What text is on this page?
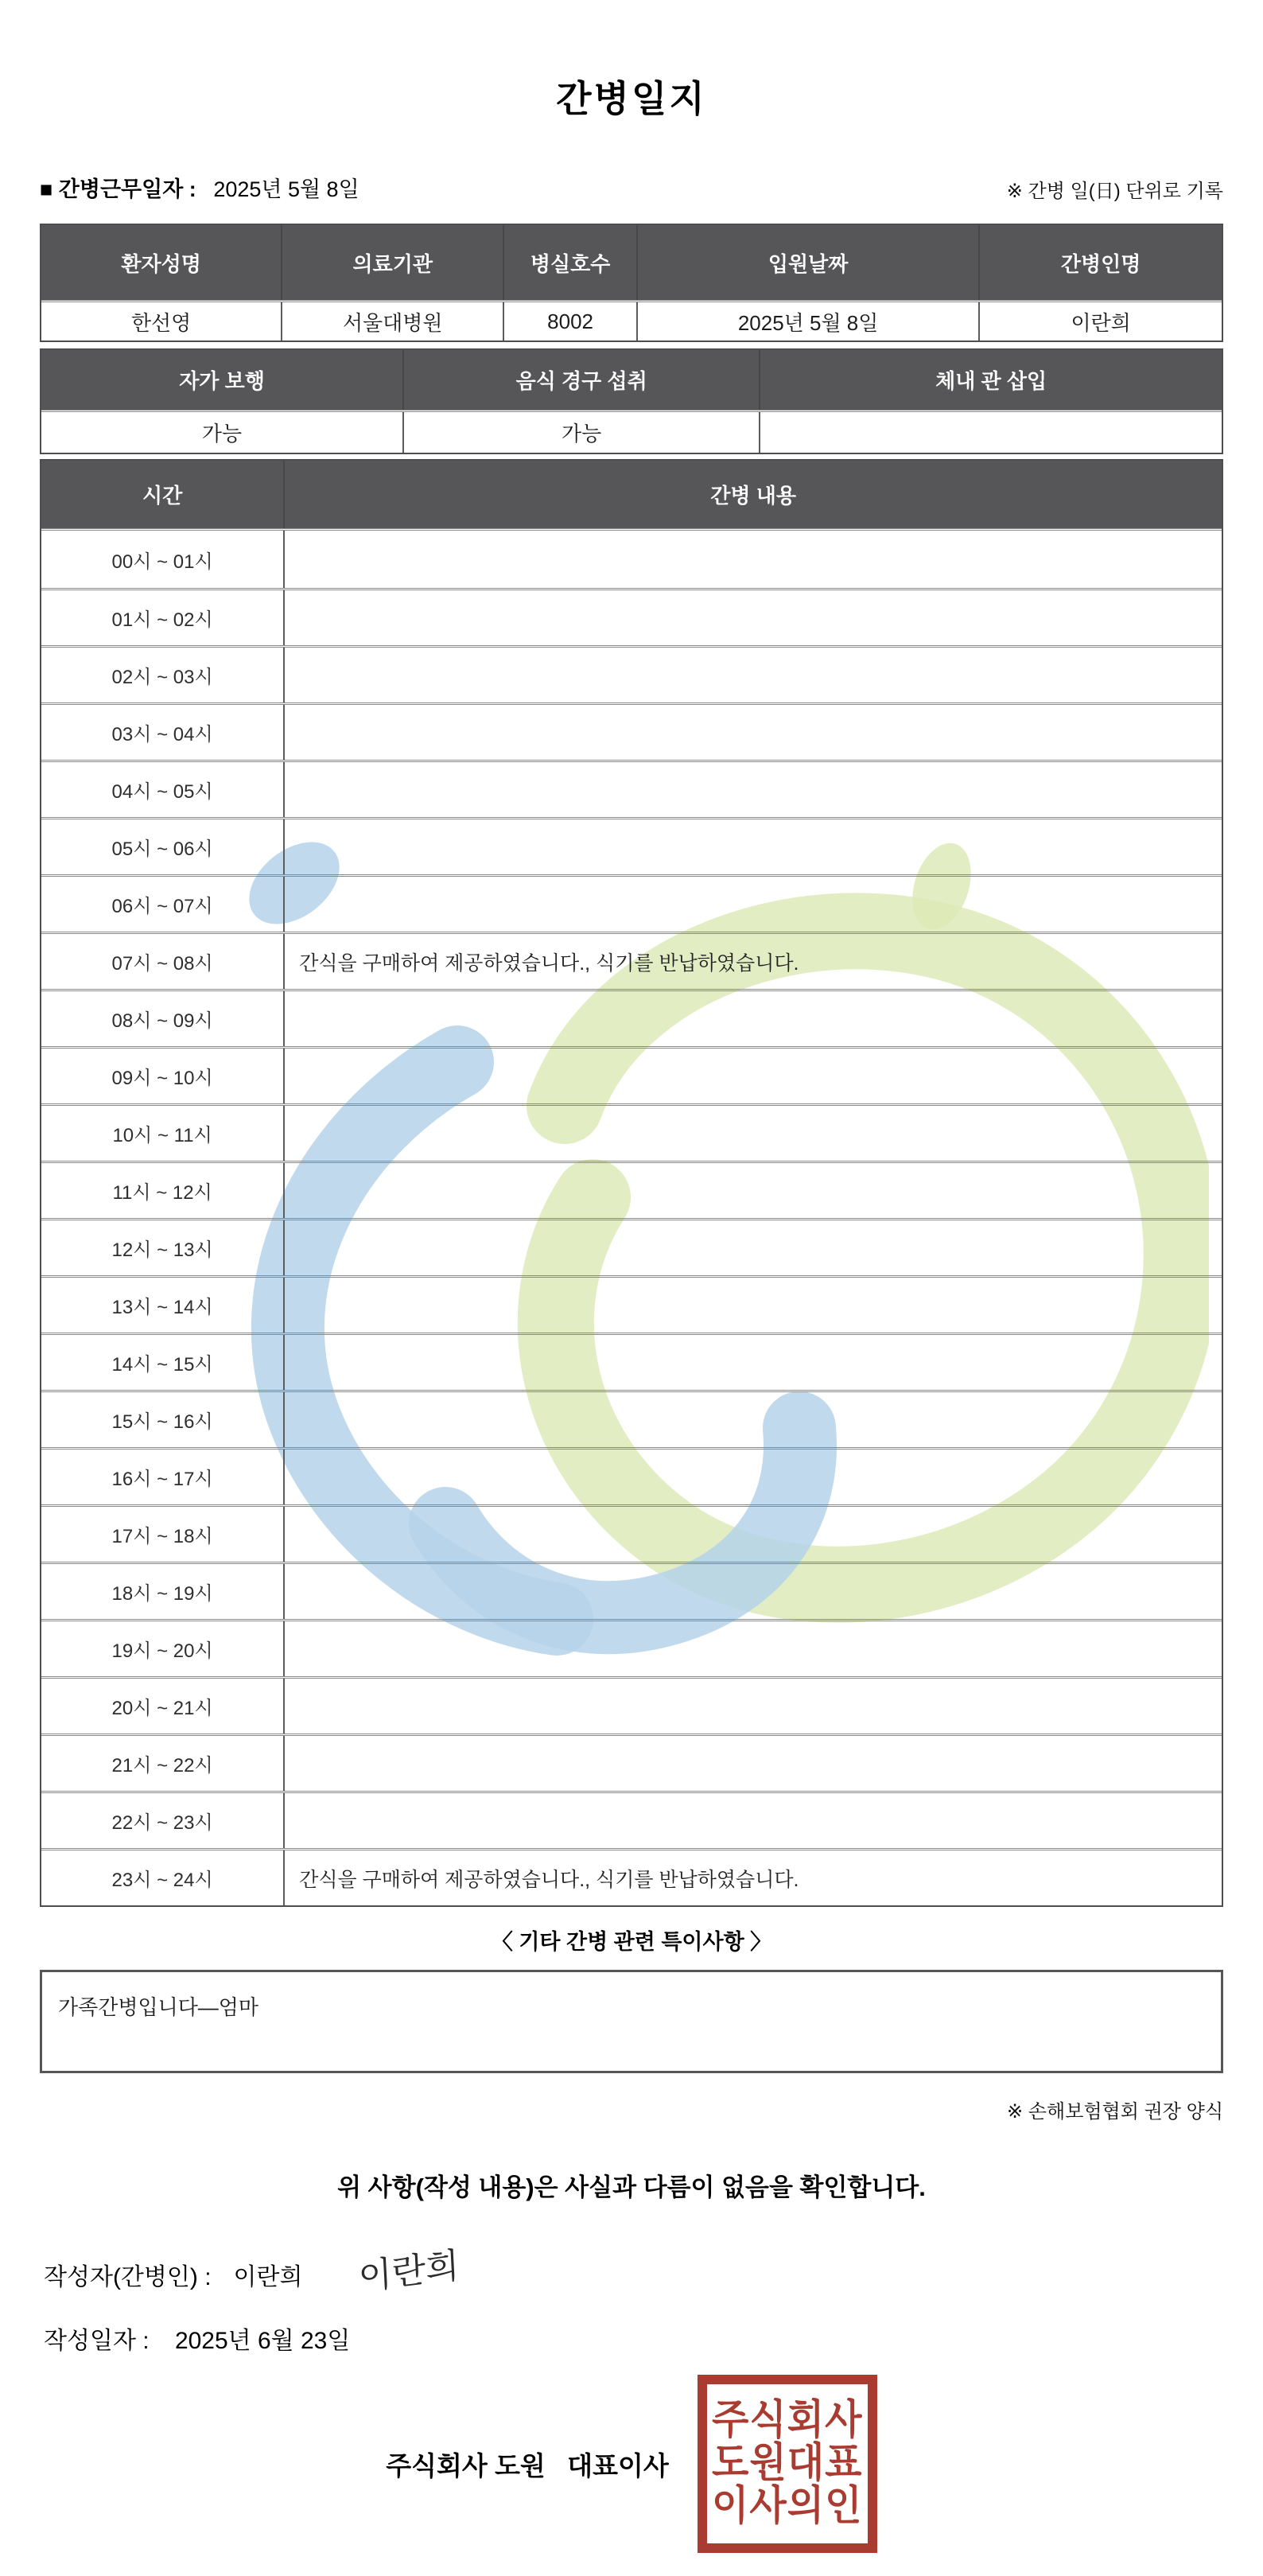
간병일지
■ 간병근무일자 : 2025년 5월 8일	※ 간병 일(日) 단위로 기록
환자성명	의료기관	병실호수	입원날짜	간병인명
한선영	서울대병원	8002	2025년 5월 8일	이란희
자가 보행	음식 경구 섭취	체내 관 삽입
가능	가능
시간	간병 내용
00시 ~ 01시
01시 ~ 02시
02시 ~ 03시
03시 ~ 04시
04시 ~ 05시
05시 ~ 06시
06시 ~ 07시
07시 ~ 08시	간식을 구매하여 제공하였습니다., 식기를 반납하였습니다.
08시 ~ 09시
09시 ~ 10시
10시 ~ 11시
11시 ~ 12시
12시 ~ 13시
13시 ~ 14시
14시 ~ 15시
15시 ~ 16시
16시 ~ 17시
17시 ~ 18시
18시 ~ 19시
19시 ~ 20시
20시 ~ 21시
21시 ~ 22시
22시 ~ 23시
23시 ~ 24시	간식을 구매하여 제공하였습니다., 식기를 반납하였습니다.
〈 기타 간병 관련 특이사항 〉
가족간병입니다—엄마
※ 손해보험협회 권장 양식
위 사항(작성 내용)은 사실과 다름이 없음을 확인합니다.
작성자(간병인) : 이란희 이란희
작성일자 : 2025년 6월 23일
주식회사 도원   대표이사
주식회사
도원대표
이사의인
